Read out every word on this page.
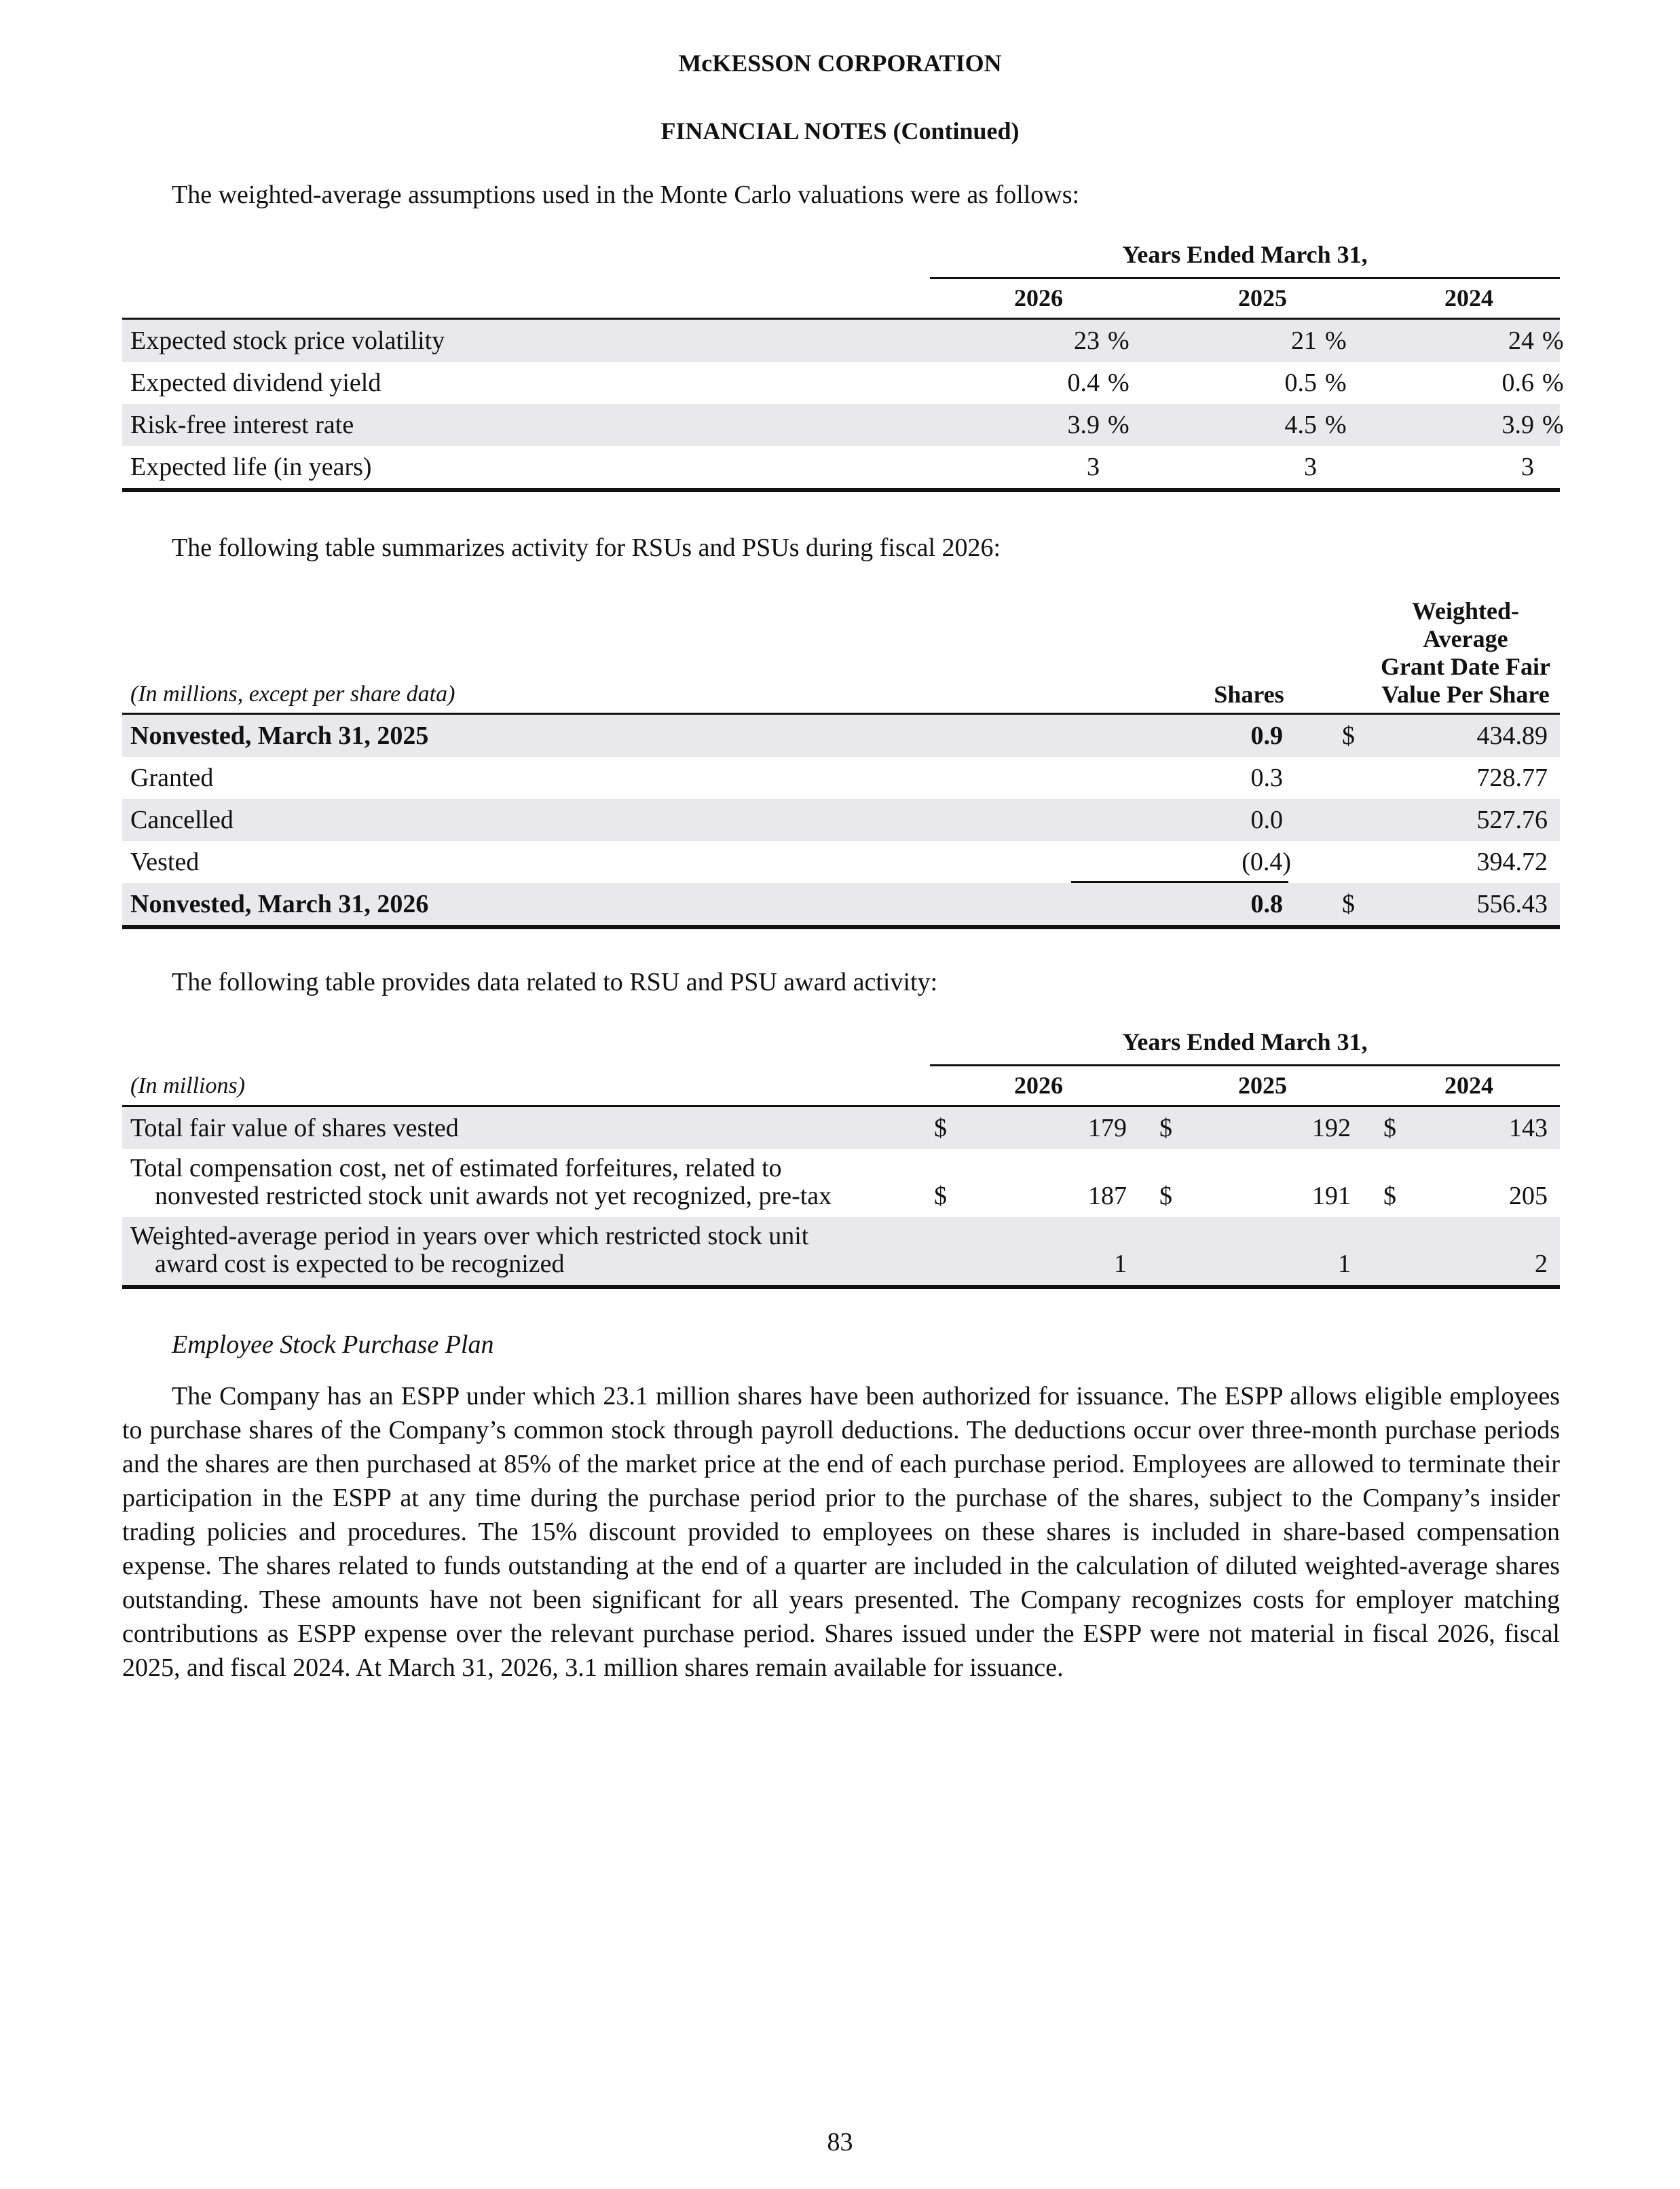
McKESSON CORPORATION
FINANCIAL NOTES (Continued)
The weighted-average assumptions used in the Monte Carlo valuations were as follows:
Years Ended March 31,
2026	2025	2024
Expected stock price volatility	23 %	21 %	24 %
Expected dividend yield	0.4 %	0.5 %	0.6 %
Risk-free interest rate	3.9 %	4.5 %	3.9 %
Expected life (in years)	3	3	3
The following table summarizes activity for RSUs and PSUs during fiscal 2026:
(In millions, except per share data)	Shares
Weighted-
Average
Grant Date Fair
Value Per Share
Nonvested, March 31, 2025	0.9 $	434.89
Granted	0.3	728.77
Cancelled	0.0	527.76
Vested	(0.4)	394.72
Nonvested, March 31, 2026	0.8 $	556.43
The following table provides data related to RSU and PSU award activity:
Years Ended March 31,
(In millions)	2026	2025	2024
Total fair value of shares vested	$	179 $	192 $	143
Total compensation cost, net of estimated forfeitures, related to
nonvested restricted stock unit awards not yet recognized, pre-tax	$	187 $	191 $	205
Weighted-average period in years over which restricted stock unit
award cost is expected to be recognized	1	1	2
Employee Stock Purchase Plan

The Company has an ESPP under which 23.1 million shares have been authorized for issuance. The ESPP allows eligible employees to purchase shares of the Company’s common stock through payroll deductions. The deductions occur over three-month purchase periods and the shares are then purchased at 85% of the market price at the end of each purchase period. Employees are allowed to terminate their participation in the ESPP at any time during the purchase period prior to the purchase of the shares, subject to the Company’s insider trading policies and procedures. The 15% discount provided to employees on these shares is included in share-based compensation expense. The shares related to funds outstanding at the end of a quarter are included in the calculation of diluted weighted-average shares outstanding. These amounts have not been significant for all years presented. The Company recognizes costs for employer matching contributions as ESPP expense over the relevant purchase period. Shares issued under the ESPP were not material in fiscal 2026, fiscal 2025, and fiscal 2024. At March 31, 2026, 3.1 million shares remain available for issuance.

83
